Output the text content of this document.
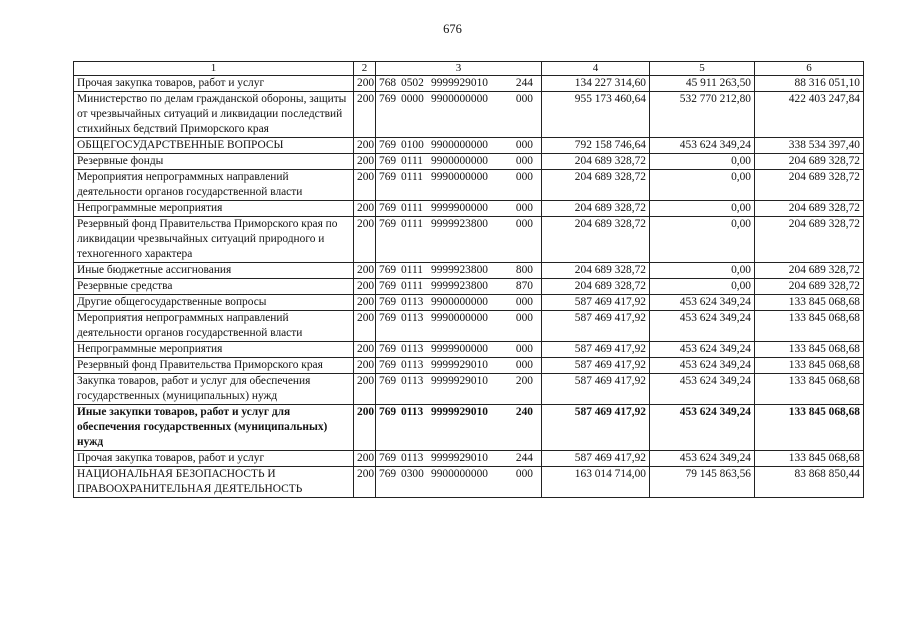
676
1	2	3	4	5	6
Прочая закупка товаров, работ и услуг	200	768 0502 9999929010 244	134 227 314,60	45 911 263,50	88 316 051,10
Министерство по делам гражданской обороны, защиты от чрезвычайных ситуаций и ликвидации последствий стихийных бедствий Приморского края	200	769 0000 9900000000 000	955 173 460,64	532 770 212,80	422 403 247,84
ОБЩЕГОСУДАРСТВЕННЫЕ ВОПРОСЫ	200	769 0100 9900000000 000	792 158 746,64	453 624 349,24	338 534 397,40
Резервные фонды	200	769 0111 9900000000 000	204 689 328,72	0,00	204 689 328,72
Мероприятия непрограммных направлений деятельности органов государственной власти	200	769 0111 9990000000 000	204 689 328,72	0,00	204 689 328,72
Непрограммные мероприятия	200	769 0111 9999900000 000	204 689 328,72	0,00	204 689 328,72
Резервный фонд Правительства Приморского края по ликвидации чрезвычайных ситуаций природного и техногенного характера	200	769 0111 9999923800 000	204 689 328,72	0,00	204 689 328,72
Иные бюджетные ассигнования	200	769 0111 9999923800 800	204 689 328,72	0,00	204 689 328,72
Резервные средства	200	769 0111 9999923800 870	204 689 328,72	0,00	204 689 328,72
Другие общегосударственные вопросы	200	769 0113 9900000000 000	587 469 417,92	453 624 349,24	133 845 068,68
Мероприятия непрограммных направлений деятельности органов государственной власти	200	769 0113 9990000000 000	587 469 417,92	453 624 349,24	133 845 068,68
Непрограммные мероприятия	200	769 0113 9999900000 000	587 469 417,92	453 624 349,24	133 845 068,68
Резервный фонд Правительства Приморского края	200	769 0113 9999929010 000	587 469 417,92	453 624 349,24	133 845 068,68
Закупка товаров, работ и услуг для обеспечения государственных (муниципальных) нужд	200	769 0113 9999929010 200	587 469 417,92	453 624 349,24	133 845 068,68
Иные закупки товаров, работ и услуг для обеспечения государственных (муниципальных) нужд	200	769 0113 9999929010 240	587 469 417,92	453 624 349,24	133 845 068,68
Прочая закупка товаров, работ и услуг	200	769 0113 9999929010 244	587 469 417,92	453 624 349,24	133 845 068,68
НАЦИОНАЛЬНАЯ БЕЗОПАСНОСТЬ И ПРАВООХРАНИТЕЛЬНАЯ ДЕЯТЕЛЬНОСТЬ	200	769 0300 9900000000 000	163 014 714,00	79 145 863,56	83 868 850,44
